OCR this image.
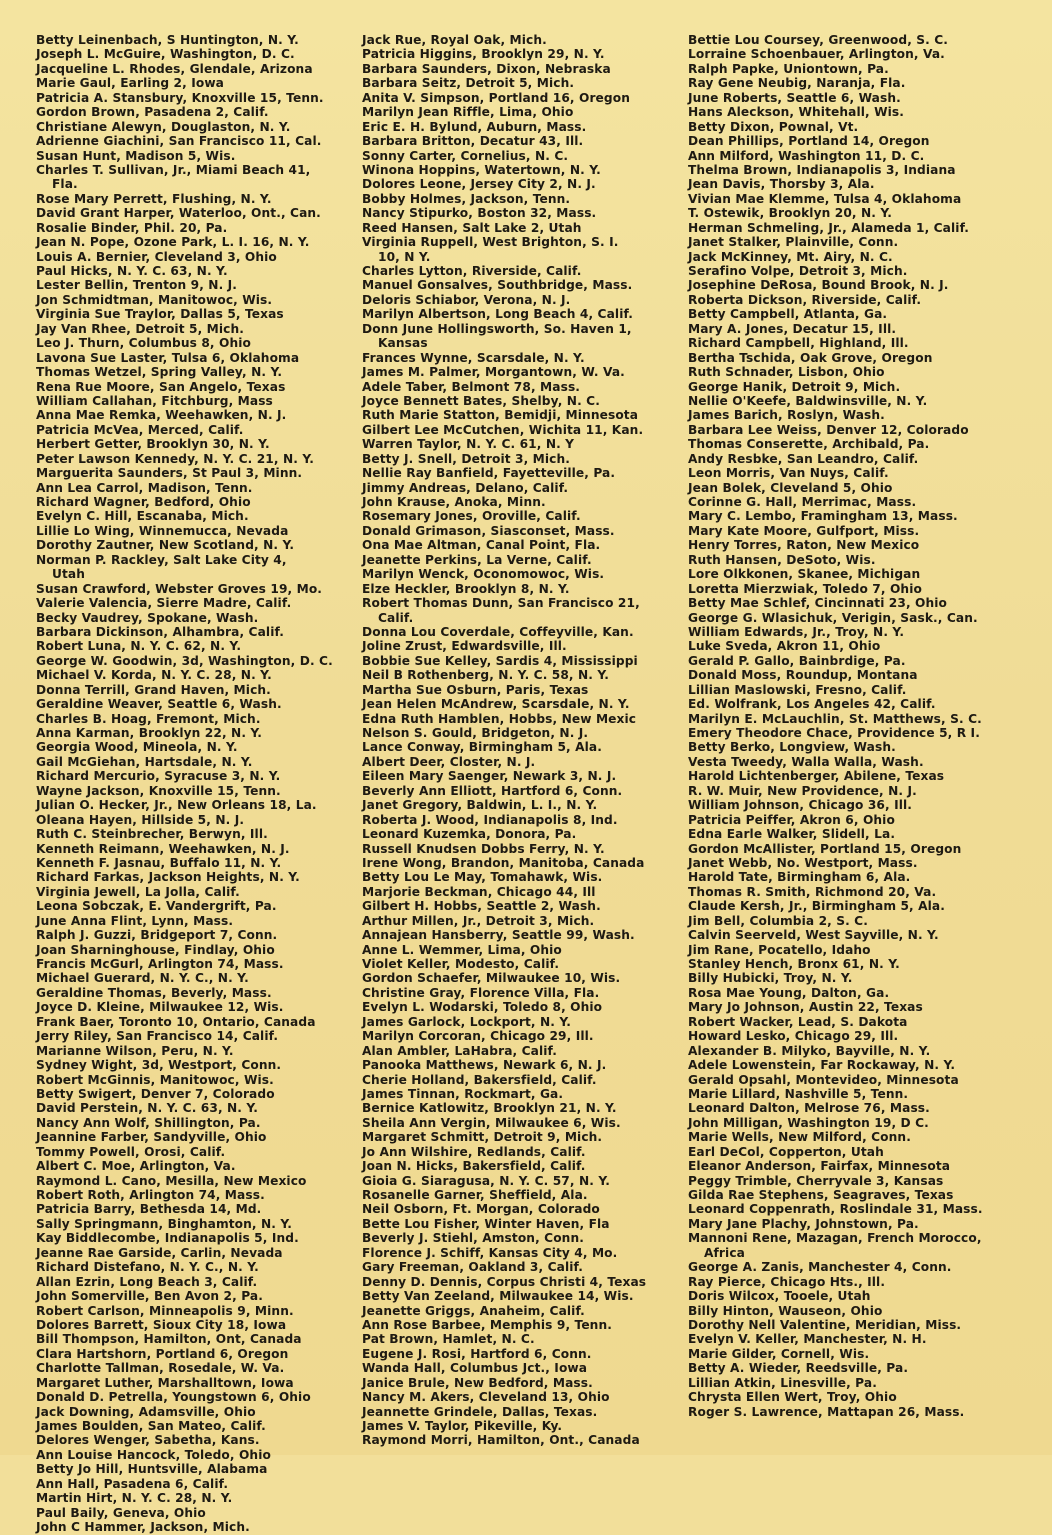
Betty Leinenbach, S Huntington, N. Y.
Joseph L. McGuire, Washington, D. C.
Jacqueline L. Rhodes, Glendale, Arizona
Marie Gaul, Earling 2, Iowa
Patricia A. Stansbury, Knoxville 15, Tenn.
Gordon Brown, Pasadena 2, Calif.
Christiane Alewyn, Douglaston, N. Y.
Adrienne Giachini, San Francisco 11, Cal.
Susan Hunt, Madison 5, Wis.
Charles T. Sullivan, Jr., Miami Beach 41,
Fla.
Rose Mary Perrett, Flushing, N. Y.
David Grant Harper, Waterloo, Ont., Can.
Rosalie Binder, Phil. 20, Pa.
Jean N. Pope, Ozone Park, L. I. 16, N. Y.
Louis A. Bernier, Cleveland 3, Ohio
Paul Hicks, N. Y. C. 63, N. Y.
Lester Bellin, Trenton 9, N. J.
Jon Schmidtman, Manitowoc, Wis.
Virginia Sue Traylor, Dallas 5, Texas
Jay Van Rhee, Detroit 5, Mich.
Leo J. Thurn, Columbus 8, Ohio
Lavona Sue Laster, Tulsa 6, Oklahoma
Thomas Wetzel, Spring Valley, N. Y.
Rena Rue Moore, San Angelo, Texas
William Callahan, Fitchburg, Mass
Anna Mae Remka, Weehawken, N. J.
Patricia McVea, Merced, Calif.
Herbert Getter, Brooklyn 30, N. Y.
Peter Lawson Kennedy, N. Y. C. 21, N. Y.
Marguerita Saunders, St Paul 3, Minn.
Ann Lea Carrol, Madison, Tenn.
Richard Wagner, Bedford, Ohio
Evelyn C. Hill, Escanaba, Mich.
Lillie Lo Wing, Winnemucca, Nevada
Dorothy Zautner, New Scotland, N. Y.
Norman P. Rackley, Salt Lake City 4,
Utah
Susan Crawford, Webster Groves 19, Mo.
Valerie Valencia, Sierre Madre, Calif.
Becky Vaudrey, Spokane, Wash.
Barbara Dickinson, Alhambra, Calif.
Robert Luna, N. Y. C. 62, N. Y.
George W. Goodwin, 3d, Washington, D. C.
Michael V. Korda, N. Y. C. 28, N. Y.
Donna Terrill, Grand Haven, Mich.
Geraldine Weaver, Seattle 6, Wash.
Charles B. Hoag, Fremont, Mich.
Anna Karman, Brooklyn 22, N. Y.
Georgia Wood, Mineola, N. Y.
Gail McGiehan, Hartsdale, N. Y.
Richard Mercurio, Syracuse 3, N. Y.
Wayne Jackson, Knoxville 15, Tenn.
Julian O. Hecker, Jr., New Orleans 18, La.
Oleana Hayen, Hillside 5, N. J.
Ruth C. Steinbrecher, Berwyn, Ill.
Kenneth Reimann, Weehawken, N. J.
Kenneth F. Jasnau, Buffalo 11, N. Y.
Richard Farkas, Jackson Heights, N. Y.
Virginia Jewell, La Jolla, Calif.
Leona Sobczak, E. Vandergrift, Pa.
June Anna Flint, Lynn, Mass.
Ralph J. Guzzi, Bridgeport 7, Conn.
Joan Sharninghouse, Findlay, Ohio
Francis McGurl, Arlington 74, Mass.
Michael Guerard, N. Y. C., N. Y.
Geraldine Thomas, Beverly, Mass.
Joyce D. Kleine, Milwaukee 12, Wis.
Frank Baer, Toronto 10, Ontario, Canada
Jerry Riley, San Francisco 14, Calif.
Marianne Wilson, Peru, N. Y.
Sydney Wight, 3d, Westport, Conn.
Robert McGinnis, Manitowoc, Wis.
Betty Swigert, Denver 7, Colorado
David Perstein, N. Y. C. 63, N. Y.
Nancy Ann Wolf, Shillington, Pa.
Jeannine Farber, Sandyville, Ohio
Tommy Powell, Orosi, Calif.
Albert C. Moe, Arlington, Va.
Raymond L. Cano, Mesilla, New Mexico
Robert Roth, Arlington 74, Mass.
Patricia Barry, Bethesda 14, Md.
Sally Springmann, Binghamton, N. Y.
Kay Biddlecombe, Indianapolis 5, Ind.
Jeanne Rae Garside, Carlin, Nevada
Richard Distefano, N. Y. C., N. Y.
Allan Ezrin, Long Beach 3, Calif.
John Somerville, Ben Avon 2, Pa.
Robert Carlson, Minneapolis 9, Minn.
Dolores Barrett, Sioux City 18, Iowa
Bill Thompson, Hamilton, Ont, Canada
Clara Hartshorn, Portland 6, Oregon
Charlotte Tallman, Rosedale, W. Va.
Margaret Luther, Marshalltown, Iowa
Donald D. Petrella, Youngstown 6, Ohio
Jack Downing, Adamsville, Ohio
James Boulden, San Mateo, Calif.
Delores Wenger, Sabetha, Kans.
Ann Louise Hancock, Toledo, Ohio
Betty Jo Hill, Huntsville, Alabama
Ann Hall, Pasadena 6, Calif.
Martin Hirt, N. Y. C. 28, N. Y.
Paul Baily, Geneva, Ohio
John C Hammer, Jackson, Mich.
Jack Rue, Royal Oak, Mich.
Patricia Higgins, Brooklyn 29, N. Y.
Barbara Saunders, Dixon, Nebraska
Barbara Seitz, Detroit 5, Mich.
Anita V. Simpson, Portland 16, Oregon
Marilyn Jean Riffle, Lima, Ohio
Eric E. H. Bylund, Auburn, Mass.
Barbara Britton, Decatur 43, Ill.
Sonny Carter, Cornelius, N. C.
Winona Hoppins, Watertown, N. Y.
Dolores Leone, Jersey City 2, N. J.
Bobby Holmes, Jackson, Tenn.
Nancy Stipurko, Boston 32, Mass.
Reed Hansen, Salt Lake 2, Utah
Virginia Ruppell, West Brighton, S. I.
10, N Y.
Charles Lytton, Riverside, Calif.
Manuel Gonsalves, Southbridge, Mass.
Deloris Schiabor, Verona, N. J.
Marilyn Albertson, Long Beach 4, Calif.
Donn June Hollingsworth, So. Haven 1,
Kansas
Frances Wynne, Scarsdale, N. Y.
James M. Palmer, Morgantown, W. Va.
Adele Taber, Belmont 78, Mass.
Joyce Bennett Bates, Shelby, N. C.
Ruth Marie Statton, Bemidji, Minnesota
Gilbert Lee McCutchen, Wichita 11, Kan.
Warren Taylor, N. Y. C. 61, N. Y
Betty J. Snell, Detroit 3, Mich.
Nellie Ray Banfield, Fayetteville, Pa.
Jimmy Andreas, Delano, Calif.
John Krause, Anoka, Minn.
Rosemary Jones, Oroville, Calif.
Donald Grimason, Siasconset, Mass.
Ona Mae Altman, Canal Point, Fla.
Jeanette Perkins, La Verne, Calif.
Marilyn Wenck, Oconomowoc, Wis.
Elze Heckler, Brooklyn 8, N. Y.
Robert Thomas Dunn, San Francisco 21,
Calif.
Donna Lou Coverdale, Coffeyville, Kan.
Joline Zrust, Edwardsville, Ill.
Bobbie Sue Kelley, Sardis 4, Mississippi
Neil B Rothenberg, N. Y. C. 58, N. Y.
Martha Sue Osburn, Paris, Texas
Jean Helen McAndrew, Scarsdale, N. Y.
Edna Ruth Hamblen, Hobbs, New Mexic
Nelson S. Gould, Bridgeton, N. J.
Lance Conway, Birmingham 5, Ala.
Albert Deer, Closter, N. J.
Eileen Mary Saenger, Newark 3, N. J.
Beverly Ann Elliott, Hartford 6, Conn.
Janet Gregory, Baldwin, L. I., N. Y.
Roberta J. Wood, Indianapolis 8, Ind.
Leonard Kuzemka, Donora, Pa.
Russell Knudsen Dobbs Ferry, N. Y.
Irene Wong, Brandon, Manitoba, Canada
Betty Lou Le May, Tomahawk, Wis.
Marjorie Beckman, Chicago 44, Ill
Gilbert H. Hobbs, Seattle 2, Wash.
Arthur Millen, Jr., Detroit 3, Mich.
Annajean Hansberry, Seattle 99, Wash.
Anne L. Wemmer, Lima, Ohio
Violet Keller, Modesto, Calif.
Gordon Schaefer, Milwaukee 10, Wis.
Christine Gray, Florence Villa, Fla.
Evelyn L. Wodarski, Toledo 8, Ohio
James Garlock, Lockport, N. Y.
Marilyn Corcoran, Chicago 29, Ill.
Alan Ambler, LaHabra, Calif.
Panooka Matthews, Newark 6, N. J.
Cherie Holland, Bakersfield, Calif.
James Tinnan, Rockmart, Ga.
Bernice Katlowitz, Brooklyn 21, N. Y.
Sheila Ann Vergin, Milwaukee 6, Wis.
Margaret Schmitt, Detroit 9, Mich.
Jo Ann Wilshire, Redlands, Calif.
Joan N. Hicks, Bakersfield, Calif.
Gioia G. Siaragusa, N. Y. C. 57, N. Y.
Rosanelle Garner, Sheffield, Ala.
Neil Osborn, Ft. Morgan, Colorado
Bette Lou Fisher, Winter Haven, Fla
Beverly J. Stiehl, Amston, Conn.
Florence J. Schiff, Kansas City 4, Mo.
Gary Freeman, Oakland 3, Calif.
Denny D. Dennis, Corpus Christi 4, Texas
Betty Van Zeeland, Milwaukee 14, Wis.
Jeanette Griggs, Anaheim, Calif.
Ann Rose Barbee, Memphis 9, Tenn.
Pat Brown, Hamlet, N. C.
Eugene J. Rosi, Hartford 6, Conn.
Wanda Hall, Columbus Jct., Iowa
Janice Brule, New Bedford, Mass.
Nancy M. Akers, Cleveland 13, Ohio
Jeannette Grindele, Dallas, Texas.
James V. Taylor, Pikeville, Ky.
Raymond Morri, Hamilton, Ont., Canada
Bettie Lou Coursey, Greenwood, S. C.
Lorraine Schoenbauer, Arlington, Va.
Ralph Papke, Uniontown, Pa.
Ray Gene Neubig, Naranja, Fla.
June Roberts, Seattle 6, Wash.
Hans Aleckson, Whitehall, Wis.
Betty Dixon, Pownal, Vt.
Dean Phillips, Portland 14, Oregon
Ann Milford, Washington 11, D. C.
Thelma Brown, Indianapolis 3, Indiana
Jean Davis, Thorsby 3, Ala.
Vivian Mae Klemme, Tulsa 4, Oklahoma
T. Ostewik, Brooklyn 20, N. Y.
Herman Schmeling, Jr., Alameda 1, Calif.
Janet Stalker, Plainville, Conn.
Jack McKinney, Mt. Airy, N. C.
Serafino Volpe, Detroit 3, Mich.
Josephine DeRosa, Bound Brook, N. J.
Roberta Dickson, Riverside, Calif.
Betty Campbell, Atlanta, Ga.
Mary A. Jones, Decatur 15, Ill.
Richard Campbell, Highland, Ill.
Bertha Tschida, Oak Grove, Oregon
Ruth Schnader, Lisbon, Ohio
George Hanik, Detroit 9, Mich.
Nellie O'Keefe, Baldwinsville, N. Y.
James Barich, Roslyn, Wash.
Barbara Lee Weiss, Denver 12, Colorado
Thomas Conserette, Archibald, Pa.
Andy Resbke, San Leandro, Calif.
Leon Morris, Van Nuys, Calif.
Jean Bolek, Cleveland 5, Ohio
Corinne G. Hall, Merrimac, Mass.
Mary C. Lembo, Framingham 13, Mass.
Mary Kate Moore, Gulfport, Miss.
Henry Torres, Raton, New Mexico
Ruth Hansen, DeSoto, Wis.
Lore Olkkonen, Skanee, Michigan
Loretta Mierzwiak, Toledo 7, Ohio
Betty Mae Schlef, Cincinnati 23, Ohio
George G. Wlasichuk, Verigin, Sask., Can.
William Edwards, Jr., Troy, N. Y.
Luke Sveda, Akron 11, Ohio
Gerald P. Gallo, Bainbrdige, Pa.
Donald Moss, Roundup, Montana
Lillian Maslowski, Fresno, Calif.
Ed. Wolfrank, Los Angeles 42, Calif.
Marilyn E. McLauchlin, St. Matthews, S. C.
Emery Theodore Chace, Providence 5, R I.
Betty Berko, Longview, Wash.
Vesta Tweedy, Walla Walla, Wash.
Harold Lichtenberger, Abilene, Texas
R. W. Muir, New Providence, N. J.
William Johnson, Chicago 36, Ill.
Patricia Peiffer, Akron 6, Ohio
Edna Earle Walker, Slidell, La.
Gordon McAllister, Portland 15, Oregon
Janet Webb, No. Westport, Mass.
Harold Tate, Birmingham 6, Ala.
Thomas R. Smith, Richmond 20, Va.
Claude Kersh, Jr., Birmingham 5, Ala.
Jim Bell, Columbia 2, S. C.
Calvin Seerveld, West Sayville, N. Y.
Jim Rane, Pocatello, Idaho
Stanley Hench, Bronx 61, N. Y.
Billy Hubicki, Troy, N. Y.
Rosa Mae Young, Dalton, Ga.
Mary Jo Johnson, Austin 22, Texas
Robert Wacker, Lead, S. Dakota
Howard Lesko, Chicago 29, Ill.
Alexander B. Milyko, Bayville, N. Y.
Adele Lowenstein, Far Rockaway, N. Y.
Gerald Opsahl, Montevideo, Minnesota
Marie Lillard, Nashville 5, Tenn.
Leonard Dalton, Melrose 76, Mass.
John Milligan, Washington 19, D C.
Marie Wells, New Milford, Conn.
Earl DeCol, Copperton, Utah
Eleanor Anderson, Fairfax, Minnesota
Peggy Trimble, Cherryvale 3, Kansas
Gilda Rae Stephens, Seagraves, Texas
Leonard Coppenrath, Roslindale 31, Mass.
Mary Jane Plachy, Johnstown, Pa.
Mannoni Rene, Mazagan, French Morocco,
Africa
George A. Zanis, Manchester 4, Conn.
Ray Pierce, Chicago Hts., Ill.
Doris Wilcox, Tooele, Utah
Billy Hinton, Wauseon, Ohio
Dorothy Nell Valentine, Meridian, Miss.
Evelyn V. Keller, Manchester, N. H.
Marie Gilder, Cornell, Wis.
Betty A. Wieder, Reedsville, Pa.
Lillian Atkin, Linesville, Pa.
Chrysta Ellen Wert, Troy, Ohio
Roger S. Lawrence, Mattapan 26, Mass.
